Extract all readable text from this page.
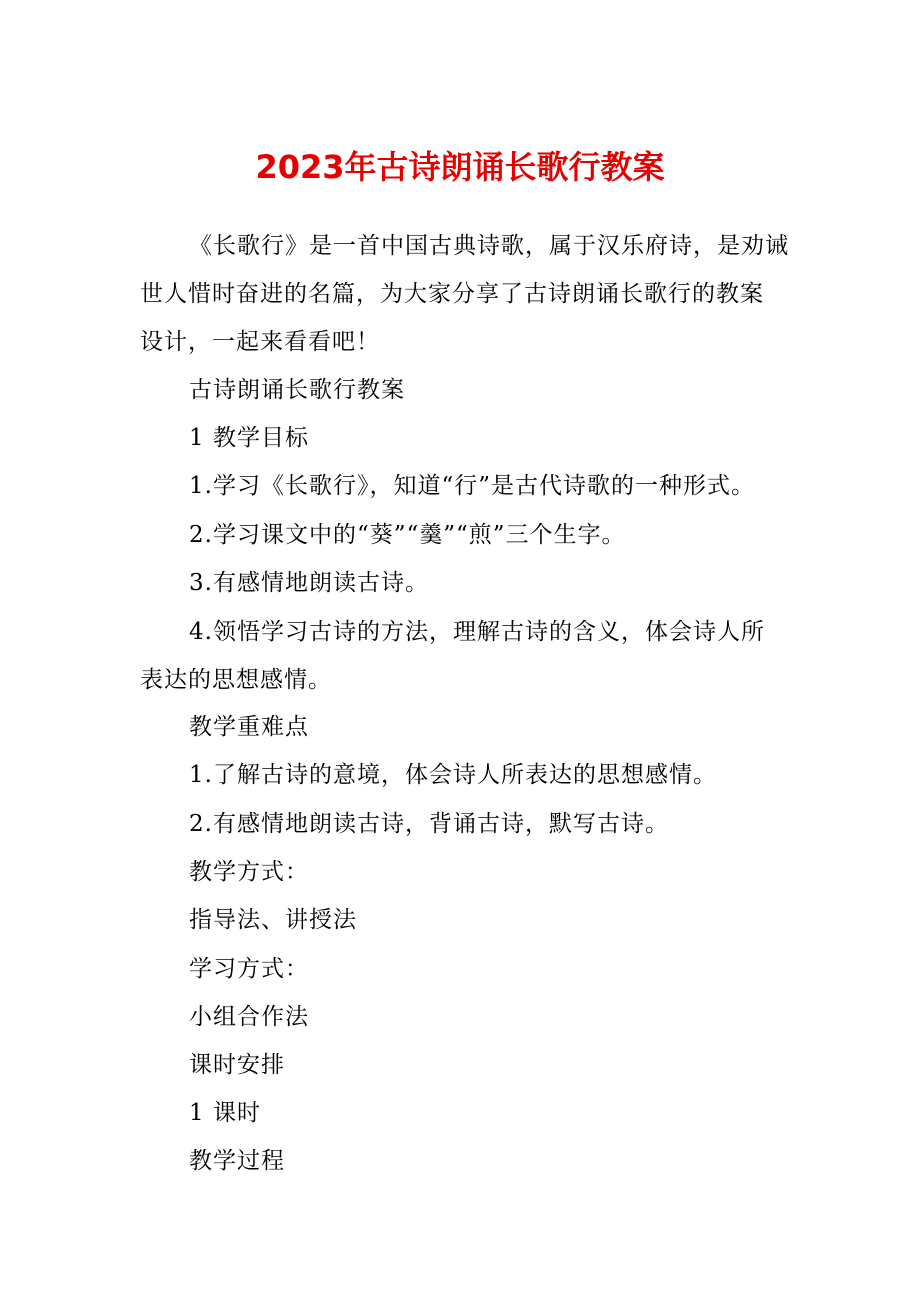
2023年古诗朗诵长歌行教案
《长歌行》是一首中国古典诗歌，属于汉乐府诗，是劝诫
世人惜时奋进的名篇，为大家分享了古诗朗诵长歌行的教案
设计，一起来看看吧！
古诗朗诵长歌行教案
1 教学目标
1.学习《长歌行》，知道“行”是古代诗歌的一种形式。
2.学习课文中的“葵”“羹”“煎”三个生字。
3.有感情地朗读古诗。
4.领悟学习古诗的方法，理解古诗的含义，体会诗人所
表达的思想感情。
教学重难点
1.了解古诗的意境，体会诗人所表达的思想感情。
2.有感情地朗读古诗，背诵古诗，默写古诗。
教学方式：
指导法、讲授法
学习方式：
小组合作法
课时安排
1 课时
教学过程
